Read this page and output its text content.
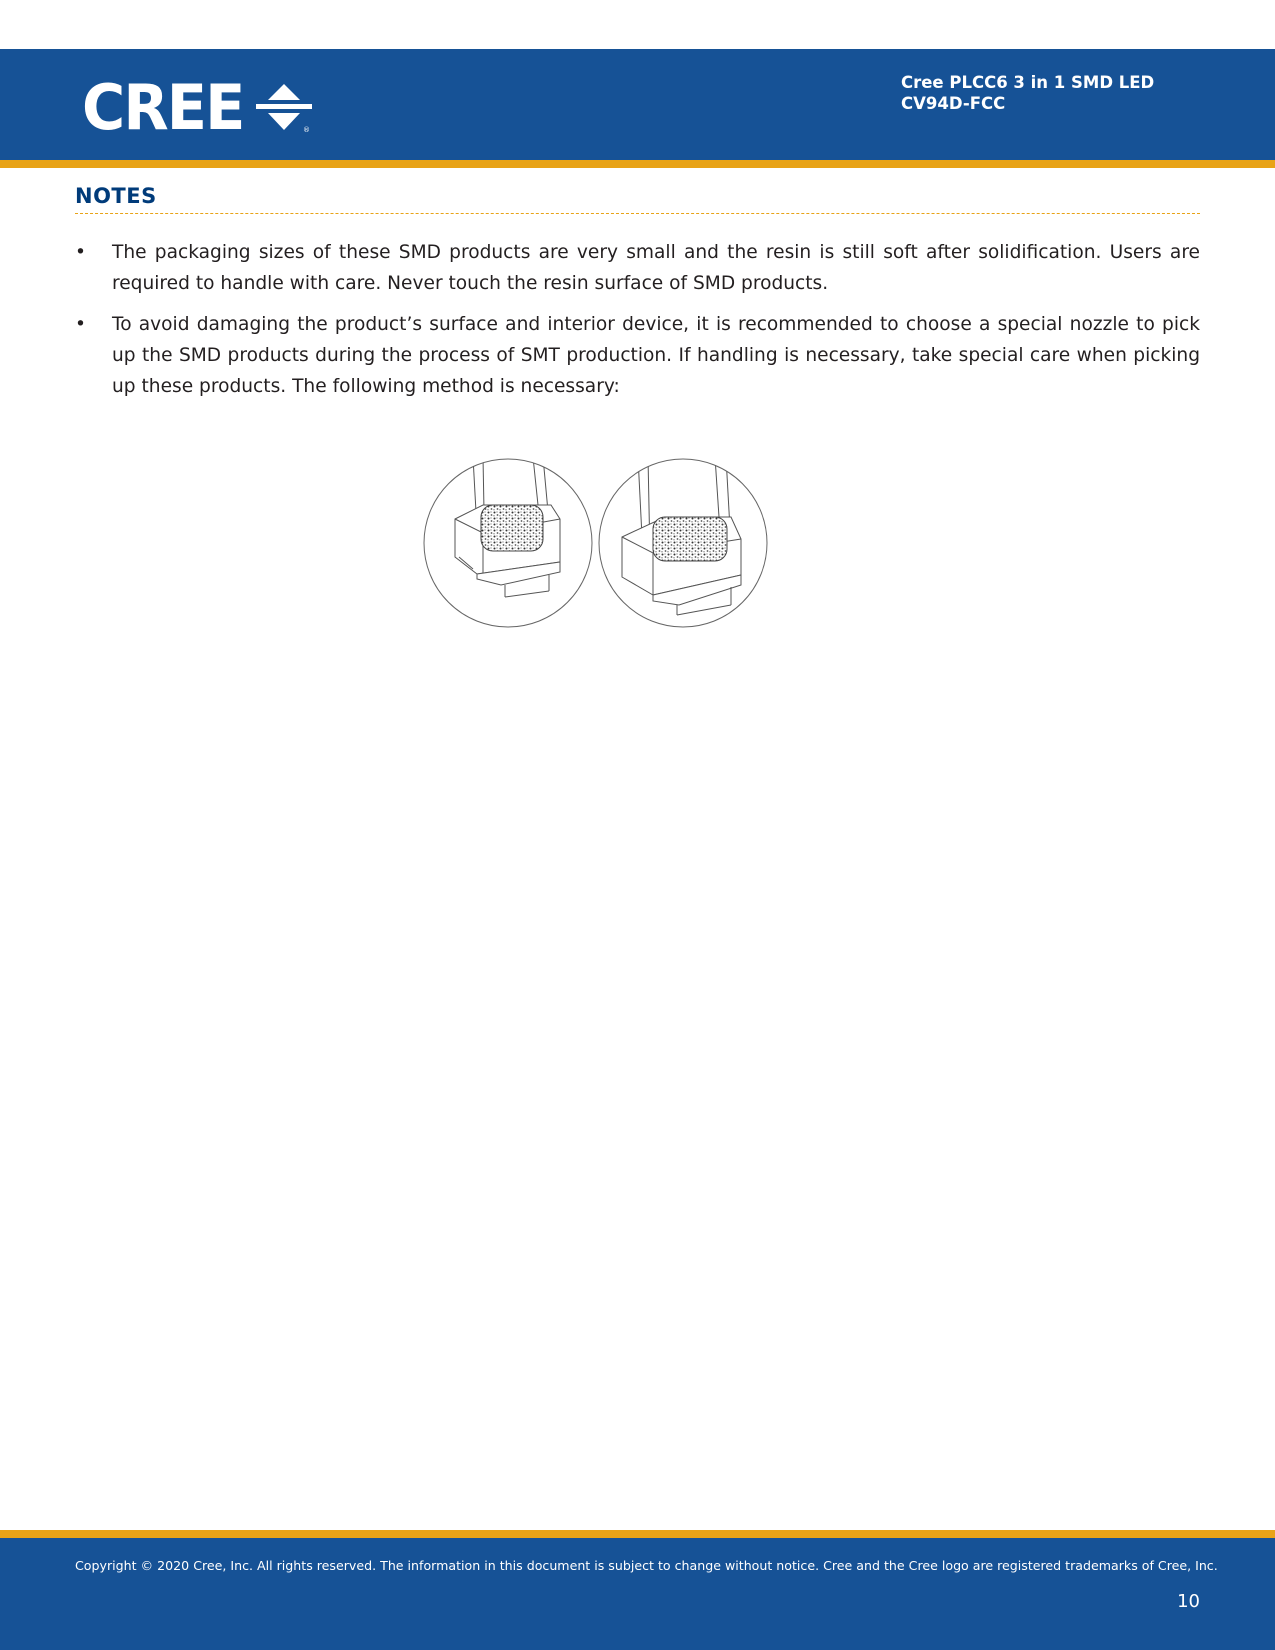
CREE	®
Cree PLCC6 3 in 1 SMD LED
CV94D-FCC
NOTES
• The packaging sizes of these SMD products are very small and the resin is still soft after solidification. Users are required to handle with care. Never touch the resin surface of SMD products.
• To avoid damaging the product’s surface and interior device, it is recommended to choose a special nozzle to pick up the SMD products during the process of SMT production. If handling is necessary, take special care when picking up these products. The following method is necessary:
Copyright © 2020 Cree, Inc. All rights reserved. The information in this document is subject to change without notice. Cree and the Cree logo are registered trademarks of Cree, Inc.
10
